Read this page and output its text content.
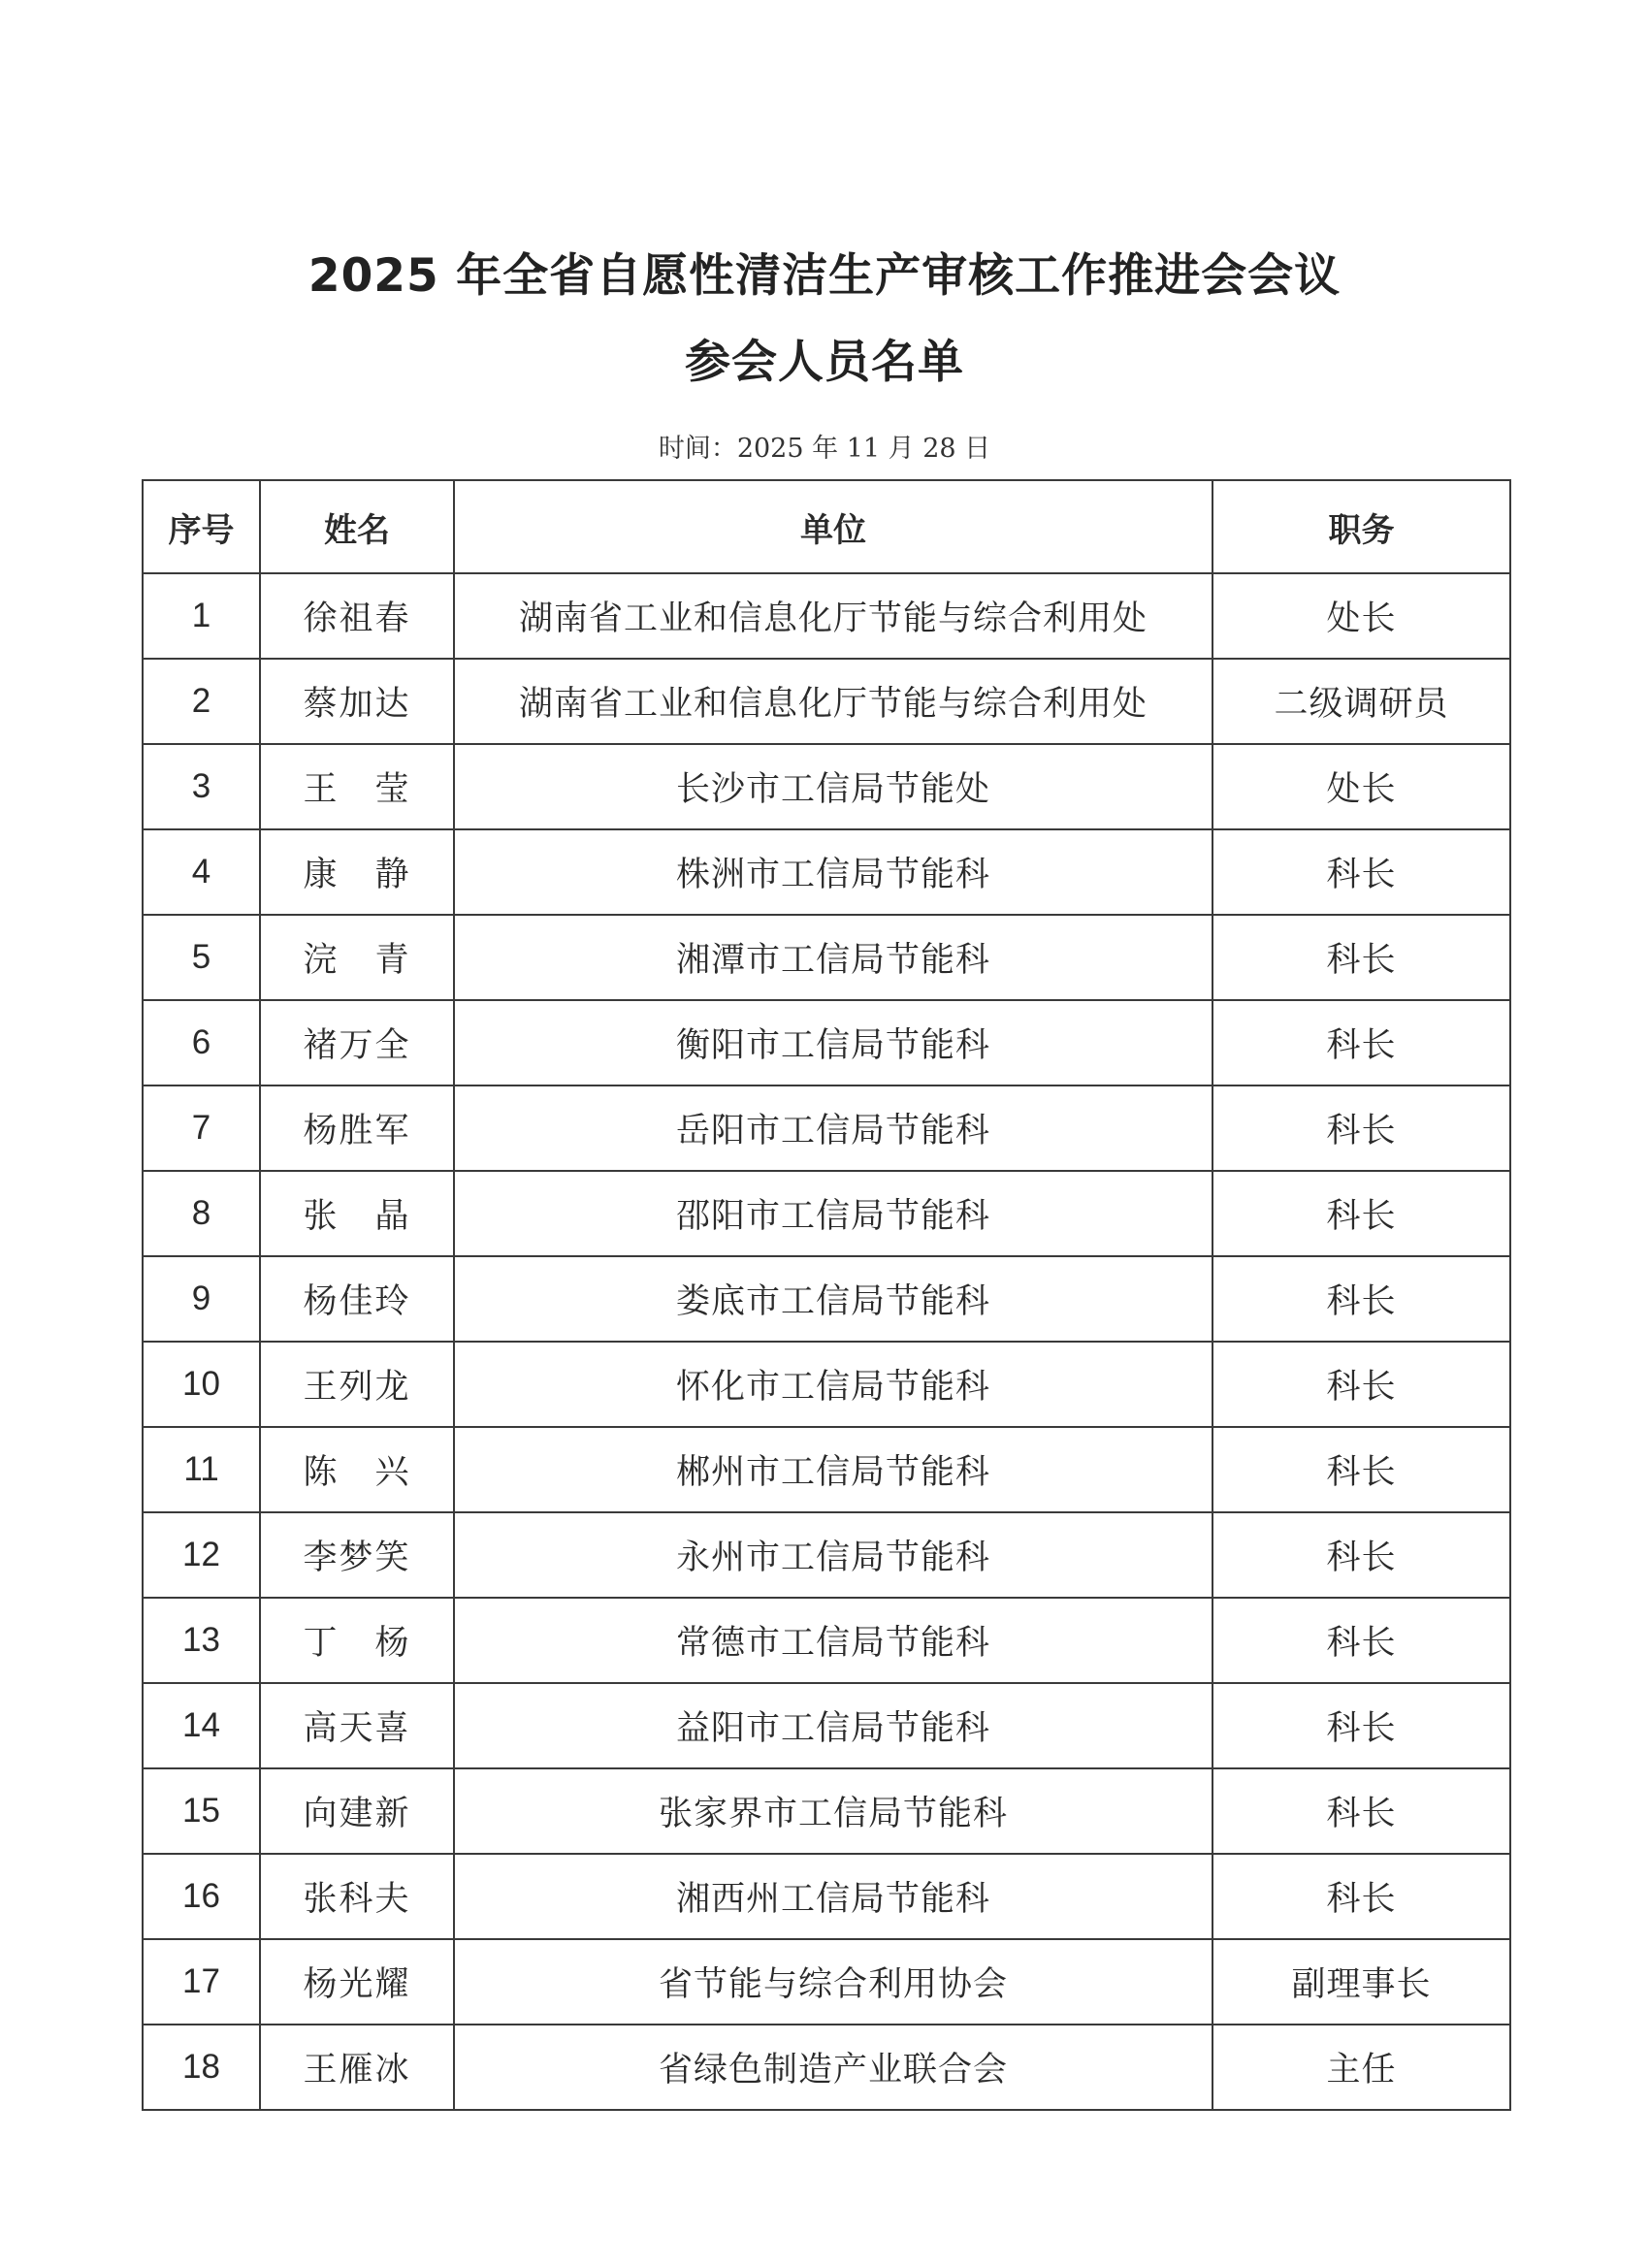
2025 年全省自愿性清洁生产审核工作推进会会议
参会人员名单
时间：2025 年 11 月 28 日
序号	姓名	单位	职务
1	徐祖春	湖南省工业和信息化厅节能与综合利用处	处长
2	蔡加达	湖南省工业和信息化厅节能与综合利用处	二级调研员
3	王　莹	长沙市工信局节能处	处长
4	康　静	株洲市工信局节能科	科长
5	浣　青	湘潭市工信局节能科	科长
6	褚万全	衡阳市工信局节能科	科长
7	杨胜军	岳阳市工信局节能科	科长
8	张　晶	邵阳市工信局节能科	科长
9	杨佳玲	娄底市工信局节能科	科长
10	王列龙	怀化市工信局节能科	科长
11	陈　兴	郴州市工信局节能科	科长
12	李梦笑	永州市工信局节能科	科长
13	丁　杨	常德市工信局节能科	科长
14	高天喜	益阳市工信局节能科	科长
15	向建新	张家界市工信局节能科	科长
16	张科夫	湘西州工信局节能科	科长
17	杨光耀	省节能与综合利用协会	副理事长
18	王雁冰	省绿色制造产业联合会	主任
